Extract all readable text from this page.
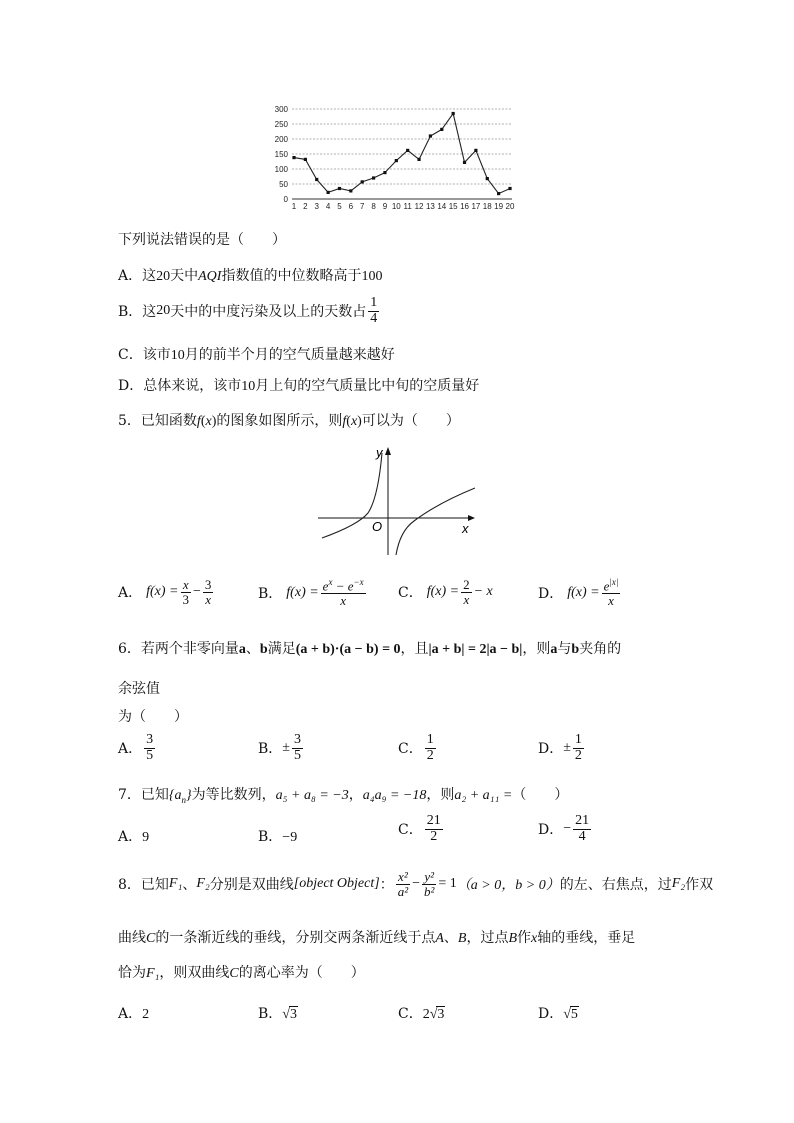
0
50
100
150
200
250
300
1 2 3 4 5 6 7 8 9 10 11 12 13 14 15 16 17 18 19 20
下列说法错误的是（　　）
A．这20天中AQI指数值的中位数略高于100
B．这 20 天中的中度污染及以上的天数占 $\frac{1}{4}$
C．该市10月的前半个月的空气质量越来越好
D．总体来说，该市10月上旬的空气质量比中旬的空质量好
5．已知函数f(x)的图象如图所示，则f(x)可以为（　　）
y
x
O
A． $f(x) = \frac{x}{3} - \frac{3}{x}$	B． $f(x) = \frac{e^x - e^{-x}}{x}$ C． $f(x) = \frac{2}{x} - x$	D． $f(x) = \frac{e^{|x|}}{x}$
6．若两个非零向量a、b满足(a + b)·(a − b) = 0，且|a + b| = 2|a − b|，则a与b夹角的
余弦值
为（　　）
A． $\frac{3}{5}$	B． ± $\frac{3}{5}$	C． $\frac{1}{2}$	D． ± $\frac{1}{2}$
7．已知$\{a_n\}$为等比数列，a₅ + a₈ = −3，a₄a₉ = −18，则a₂ + a₁₁ =（　　）
A．9	B．−9	C． $\frac{21}{2}$	D． − $\frac{21}{4}$
8．已知 F₁ 、 F₂ 分别是双曲线 [object Object] ： $\frac{\text{x²}}{\text{a²}} - \frac{\text{y²}}{\text{b²}} = 1$ （a > 0，b > 0） 的左、右焦点，过 F₂ 作双
曲线C的一条渐近线的垂线，分别交两条渐近线于点A、B，过点B作x轴的垂线，垂足
恰为F₁，则双曲线C的离心率为（　　）
A．2	B．√3	C．2√3	D．√5
